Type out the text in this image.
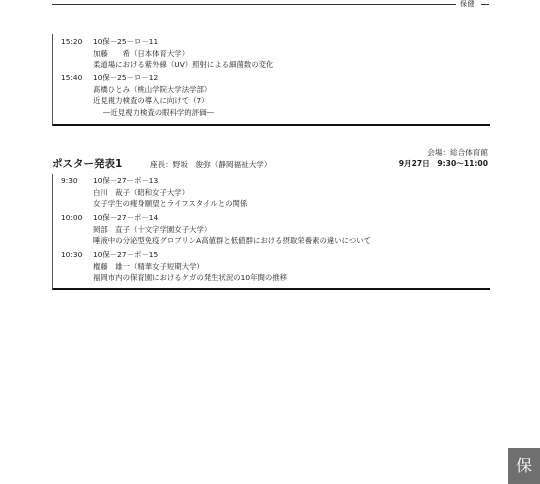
保健
15:20	10保－25－ロ－11
加藤　　希（日本体育大学）
柔道場における紫外線（UV）照射による細菌数の変化
15:40	10保－25－ロ－12
髙橋ひとみ（桃山学院大学法学部）
近見視力検査の導入に向けて（7）
―近見視力検査の眼科学的評価―
会場：総合体育館
ポスター発表1	座長：野坂　俊弥（静岡福祉大学）	9月27日　9:30〜11:00
9:30	10保－27－ポ－13
白川　裁子（昭和女子大学）
女子学生の痩身願望とライフスタイルとの関係
10:00	10保－27－ポ－14
岡部　直子（十文字学園女子大学）
唾液中の分泌型免疫グロブリンA高値群と低値群における摂取栄養素の違いについて
10:30	10保－27－ポ－15
権藤　雄一（精華女子短期大学）
福岡市内の保育園におけるケガの発生状況の10年間の推移
保
